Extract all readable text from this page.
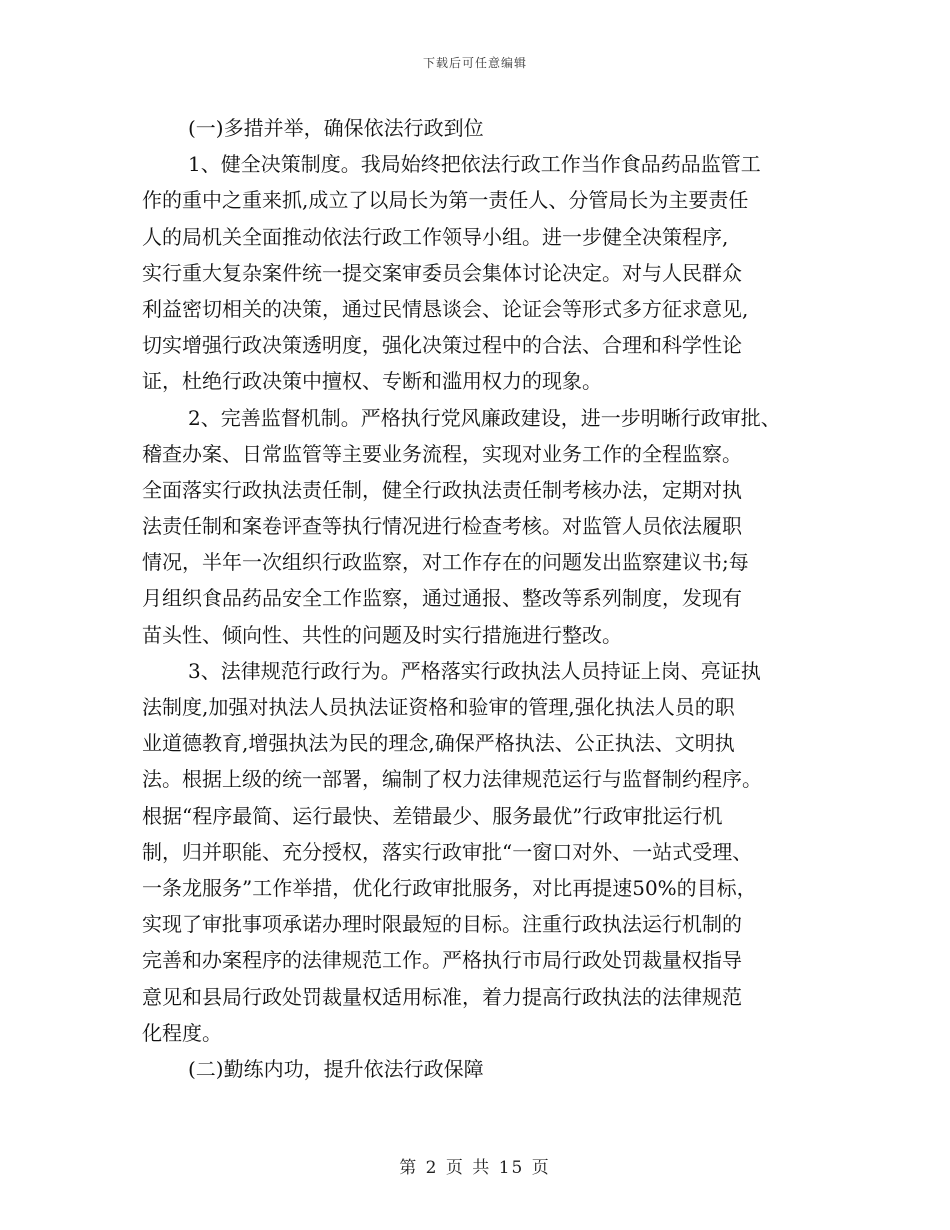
下载后可任意编辑
(一)多措并举，确保依法行政到位
1、健全决策制度。我局始终把依法行政工作当作食品药品监管工
作的重中之重来抓,成立了以局长为第一责任人、分管局长为主要责任
人的局机关全面推动依法行政工作领导小组。进一步健全决策程序,
实行重大复杂案件统一提交案审委员会集体讨论决定。对与人民群众
利益密切相关的决策，通过民情恳谈会、论证会等形式多方征求意见,
切实增强行政决策透明度，强化决策过程中的合法、合理和科学性论
证，杜绝行政决策中擅权、专断和滥用权力的现象。
2、完善监督机制。严格执行党风廉政建设，进一步明晰行政审批、
稽查办案、日常监管等主要业务流程，实现对业务工作的全程监察。
全面落实行政执法责任制，健全行政执法责任制考核办法，定期对执
法责任制和案卷评查等执行情况进行检查考核。对监管人员依法履职
情况，半年一次组织行政监察，对工作存在的问题发出监察建议书;每
月组织食品药品安全工作监察，通过通报、整改等系列制度，发现有
苗头性、倾向性、共性的问题及时实行措施进行整改。
3、法律规范行政行为。严格落实行政执法人员持证上岗、亮证执
法制度,加强对执法人员执法证资格和验审的管理,强化执法人员的职
业道德教育,增强执法为民的理念,确保严格执法、公正执法、文明执
法。根据上级的统一部署，编制了权力法律规范运行与监督制约程序。
根据“程序最简、运行最快、差错最少、服务最优”行政审批运行机
制，归并职能、充分授权，落实行政审批“一窗口对外、一站式受理、
一条龙服务”工作举措，优化行政审批服务，对比再提速50%的目标，
实现了审批事项承诺办理时限最短的目标。注重行政执法运行机制的
完善和办案程序的法律规范工作。严格执行市局行政处罚裁量权指导
意见和县局行政处罚裁量权适用标准，着力提高行政执法的法律规范
化程度。
(二)勤练内功，提升依法行政保障
第 2 页 共 15 页
